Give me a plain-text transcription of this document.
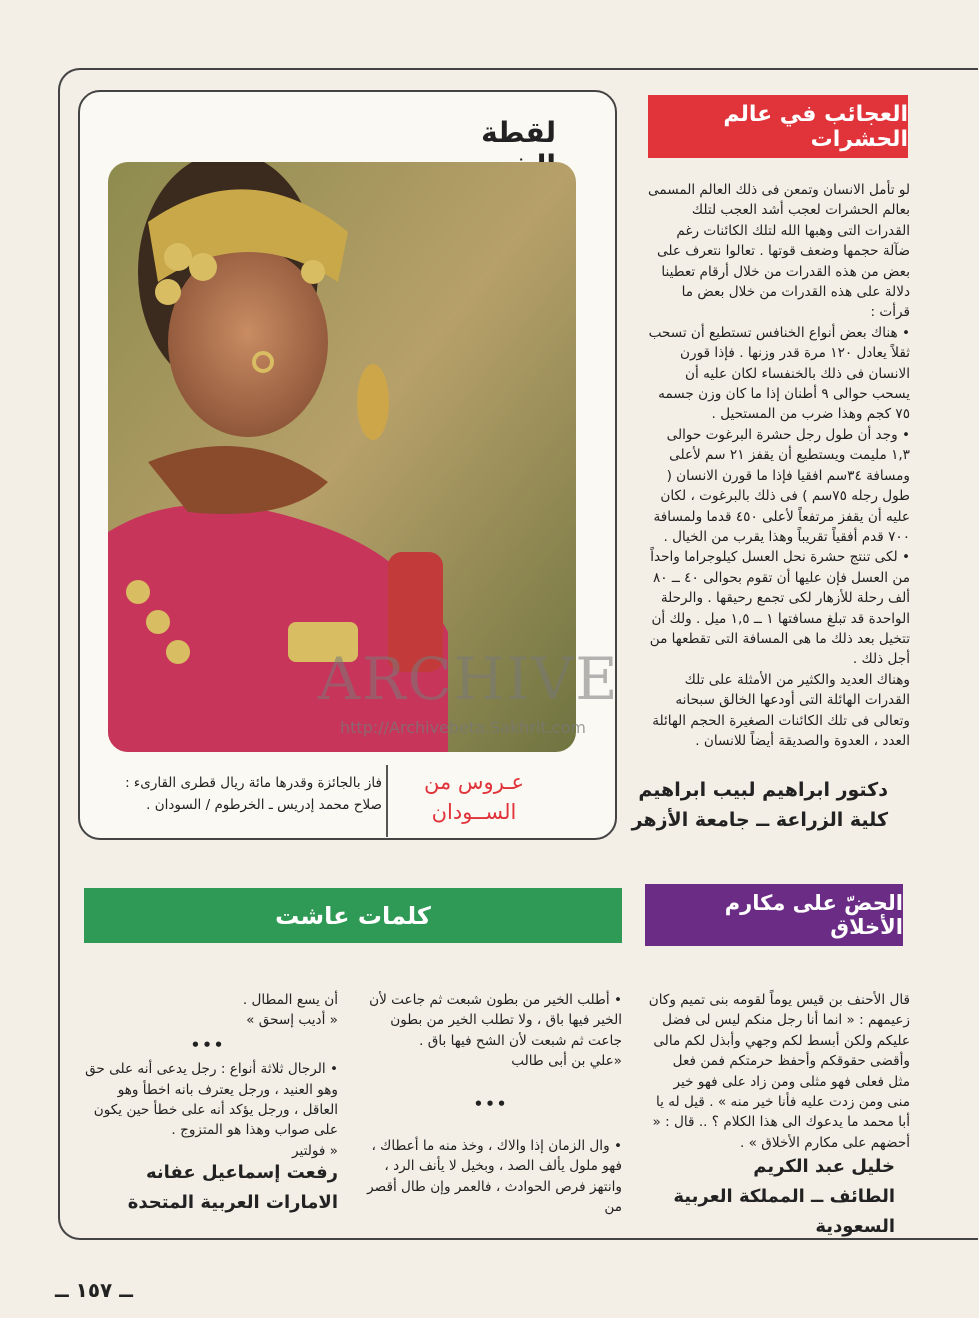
العجائب في عالم الحشرات
الحضّ على مكارم الأخلاق
كلمات عاشت
لقطة
ARCHIVE
http://Archivebeta.Sakhrit.com
عـروس من الســودان
فاز بالجائزة وقدرها مائة ريال قطرى القارىء : صلاح محمد إدريس ـ الخرطوم / السودان .

لو تأمل الانسان وتمعن فى ذلك العالم المسمى بعالم الحشرات لعجب أشد العجب لتلك القدرات التى وهبها الله لتلك الكائنات رغم ضآلة حجمها وضعف قوتها . تعالوا نتعرف على بعض من هذه القدرات من خلال أرقام تعطينا دلالة على هذه القدرات من خلال بعض ما قرأت :

• هناك بعض أنواع الخنافس تستطيع أن تسحب ثقلاً يعادل ١٢٠ مرة قدر وزنها . فإذا قورن الانسان فى ذلك بالخنفساء لكان عليه أن يسحب حوالى ٩ أطنان إذا ما كان وزن جسمه ٧٥ كجم وهذا ضرب من المستحيل .

• وجد أن طول رجل حشرة البرغوت حوالى ١,٣ مليمت ويستطيع أن يقفز ٢١ سم لأعلى ومسافة ٣٤سم افقيا فإذا ما قورن الانسان ( طول رجله ٧٥سم ) فى ذلك بالبرغوت ، لكان عليه أن يقفز مرتفعاً لأعلى ٤٥٠ قدما ولمسافة ٧٠٠ قدم أفقياً تقريباً وهذا يقرب من الخيال .

• لكى تنتج حشرة نحل العسل كيلوجراما واحداً من العسل فإن عليها أن تقوم بحوالى ٤٠ ــ ٨٠ ألف رحلة للأزهار لكى تجمع رحيقها . والرحلة الواحدة قد تبلغ مسافتها ١ ــ ١,٥ ميل . ولك أن تتخيل بعد ذلك ما هى المسافة التى تقطعها من أجل ذلك .

وهناك العديد والكثير من الأمثلة على تلك القدرات الهائلة التى أودعها الخالق سبحانه وتعالى فى تلك الكائنات الصغيرة الحجم الهائلة العدد ، العدوة والصديقة أيضاً للانسان .

دكتور ابراهيم لبيب ابراهيم
كلية الزراعة ــ جامعة الأزهر

قال الأحنف بن قيس يوماً لقومه بنى تميم وكان زعيمهم : « انما أنا رجل منكم ليس لى فضل عليكم ولكن أبسط لكم وجهي وأبذل لكم مالى وأقضى حقوقكم وأحفظ حرمتكم فمن فعل مثل فعلى فهو مثلى ومن زاد على فهو خير منى ومن زدت عليه فأنا خير منه » . قيل له يا أبا محمد ما يدعوك الى هذا الكلام ؟ .. قال : « أحضهم على مكارم الأخلاق » .

خليل عبد الكريم
الطائف ــ المملكة العربية السعودية

• أطلب الخير من بطون شبعت ثم جاعت لأن الخير فيها باق ، ولا تطلب الخير من بطون جاعت ثم شبعت لأن الشح فيها باق .

«علي بن أبى طالب

•••

• وال الزمان إذا والاك ، وخذ منه ما أعطاك ، فهو ملول يألف الصد ، وبخيل لا يأنف الرد ، وانتهز فرص الحوادث ، فالعمر وإن طال أقصر من

أن يسع المطال .

« أديب إسحق »

•••

• الرجال ثلاثة أنواع : رجل يدعى أنه على حق وهو العنيد ، ورجل يعترف بانه اخطأ وهو العاقل ، ورجل يؤكد أنه على خطأ حين يكون على صواب وهذا هو المتزوج .

« فولتير

رفعت إسماعيل عفانه
الامارات العربية المتحدة
ــ ١٥٧ ــ
